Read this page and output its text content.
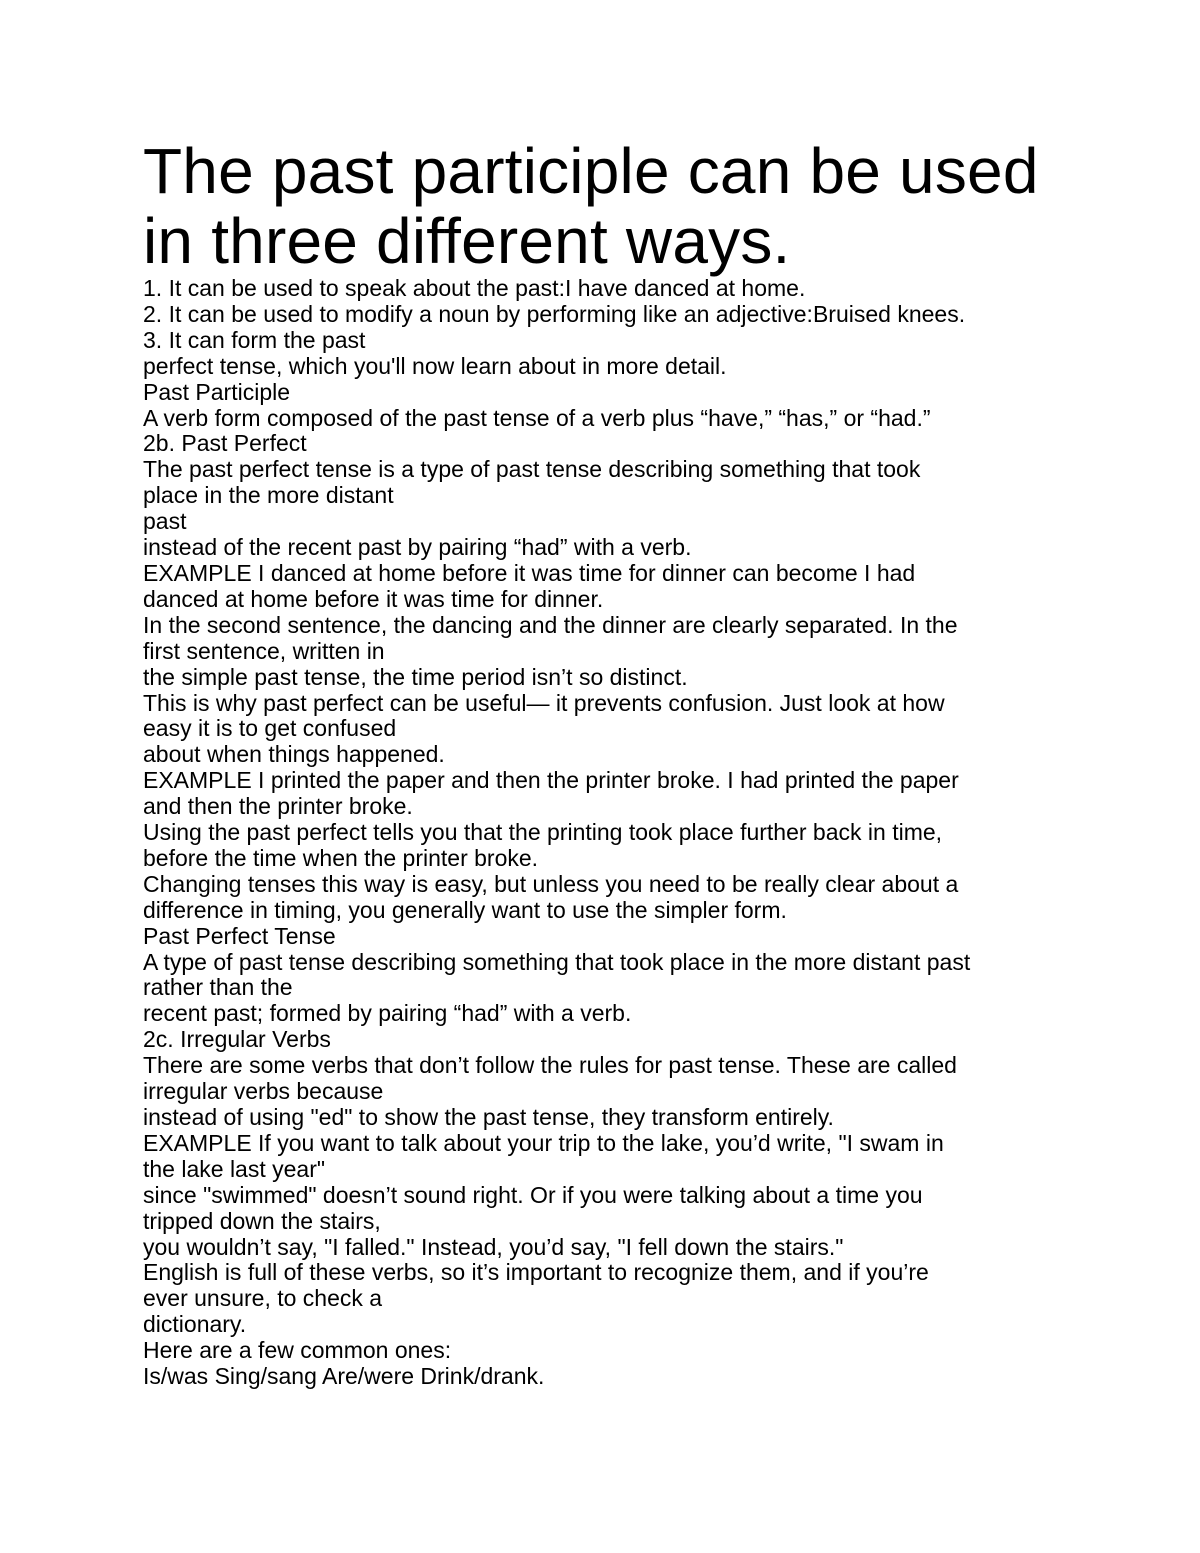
The past participle can be used
in three different ways.
1. It can be used to speak about the past:I have danced at home.
2. It can be used to modify a noun by performing like an adjective:Bruised knees.
3. It can form the past
perfect tense, which you'll now learn about in more detail.
Past Participle
A verb form composed of the past tense of a verb plus “have,” “has,” or “had.”
2b. Past Perfect
The past perfect tense is a type of past tense describing something that took
place in the more distant
past
instead of the recent past by pairing “had” with a verb.
EXAMPLE I danced at home before it was time for dinner can become I had
danced at home before it was time for dinner.
In the second sentence, the dancing and the dinner are clearly separated. In the
first sentence, written in
the simple past tense, the time period isn’t so distinct.
This is why past perfect can be useful— it prevents confusion. Just look at how
easy it is to get confused
about when things happened.
EXAMPLE I printed the paper and then the printer broke. I had printed the paper
and then the printer broke.
Using the past perfect tells you that the printing took place further back in time,
before the time when the printer broke.
Changing tenses this way is easy, but unless you need to be really clear about a
difference in timing, you generally want to use the simpler form.
Past Perfect Tense
A type of past tense describing something that took place in the more distant past
rather than the
recent past; formed by pairing “had” with a verb.
2c. Irregular Verbs
There are some verbs that don’t follow the rules for past tense. These are called
irregular verbs because
instead of using "ed" to show the past tense, they transform entirely.
EXAMPLE If you want to talk about your trip to the lake, you’d write, "I swam in
the lake last year"
since "swimmed" doesn’t sound right. Or if you were talking about a time you
tripped down the stairs,
you wouldn’t say, "I falled." Instead, you’d say, "I fell down the stairs."
English is full of these verbs, so it’s important to recognize them, and if you’re
ever unsure, to check a
dictionary.
Here are a few common ones:
Is/was Sing/sang Are/were Drink/drank.
